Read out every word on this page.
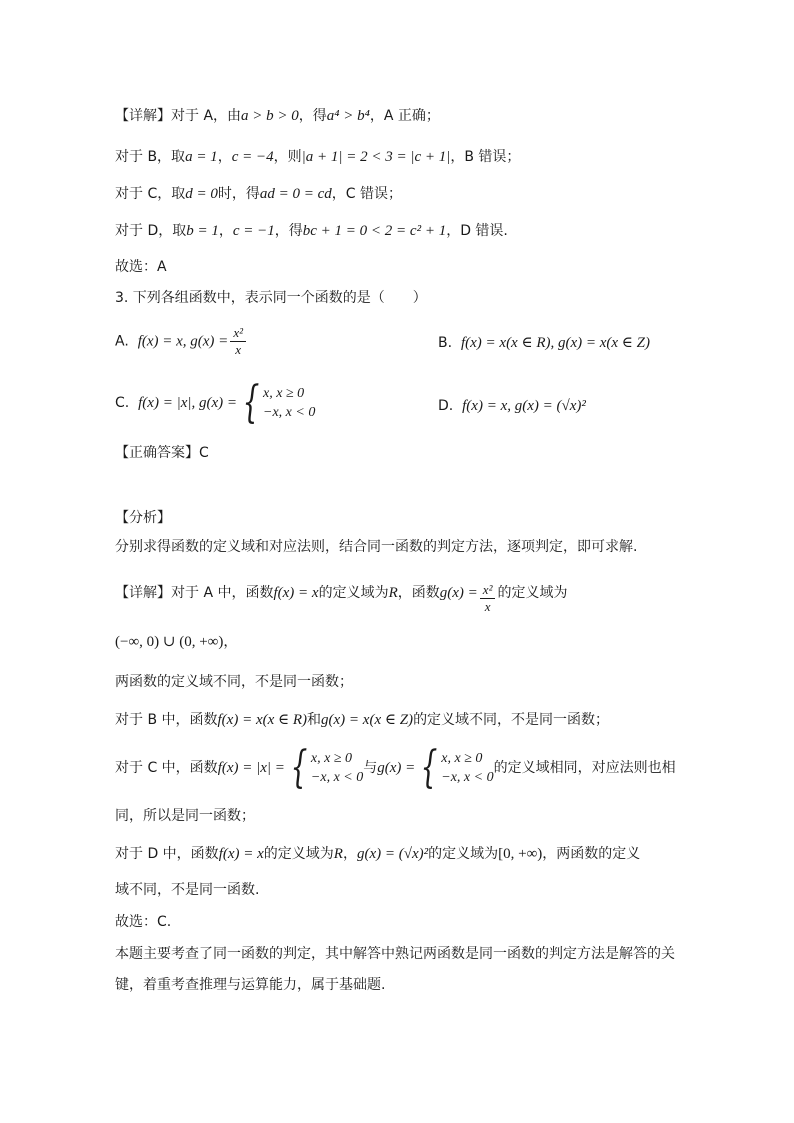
【详解】对于 A，由a > b > 0，得a⁴ > b⁴，A 正确；
对于 B，取a = 1，c = −4，则|a + 1| = 2 < 3 = |c + 1|，B 错误；
对于 C，取d = 0时，得ad = 0 = cd，C 错误；
对于 D，取b = 1，c = −1，得bc + 1 = 0 < 2 = c² + 1，D 错误.
故选：A
3. 下列各组函数中，表示同一个函数的是（　　）
A. f(x) = x, $g(x) = \frac{\text{x²}}{x}$	B. f(x) = x(x ∈ R), g(x) = x(x ∈ Z)
C. f(x) = |x|, g(x) = { x, x ≥ 0
−x, x < 0	D. f(x) = x, g(x) = (√x)²
【正确答案】C
【分析】
分别求得函数的定义域和对应法则，结合同一函数的判定方法，逐项判定，即可求解.
【详解】对于 A 中，函数f(x) = x的定义域为R，函数$g(x) = \frac{\text{x²}}{x}$ 的定义域为
(−∞, 0) ∪ (0, +∞)，
两函数的定义域不同，不是同一函数；
对于 B 中，函数f(x) = x(x ∈ R)和g(x) = x(x ∈ Z)的定义域不同，不是同一函数；
对于 C 中，函数f(x) = |x| = { x, x ≥ 0
−x, x < 0
与g(x) = { x, x ≥ 0
−x, x < 0
的定义域相同，对应法则也相
同，所以是同一函数；
对于 D 中，函数f(x) = x的定义域为R，g(x) = (√x)²的定义域为[0, +∞)，两函数的定义
域不同，不是同一函数.
故选：C.
本题主要考查了同一函数的判定，其中解答中熟记两函数是同一函数的判定方法是解答的关
键，着重考查推理与运算能力，属于基础题.
